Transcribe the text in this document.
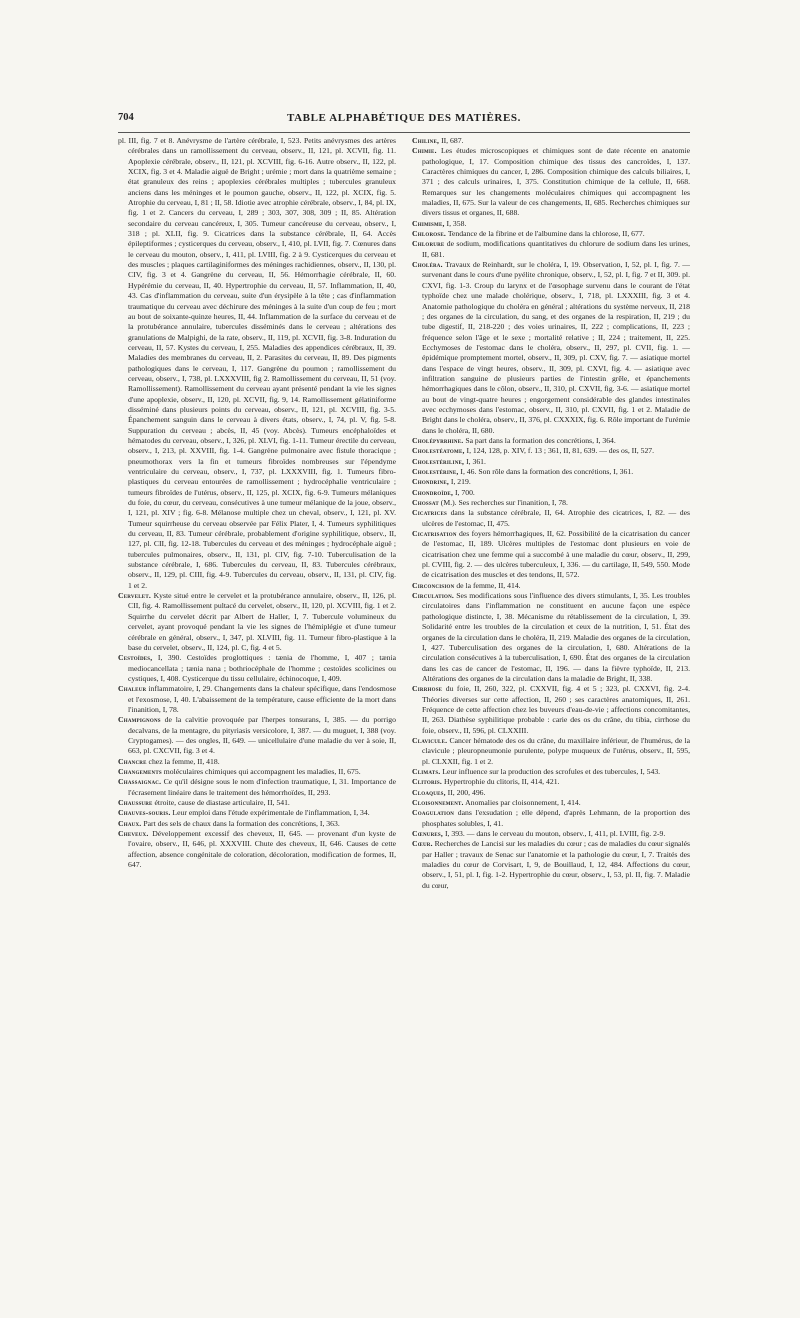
704	TABLE ALPHABÉTIQUE DES MATIÈRES.

pl. III, fig. 7 et 8. Anévrysme de l'artère cérébrale, I, 523. Petits anévrysmes des artères cérébrales dans un ramollissement du cerveau, observ., II, 121, pl. XCVII, fig. 11. Apoplexie cérébrale, observ., II, 121, pl. XCVIII, fig. 6-16. Autre observ., II, 122, pl. XCIX, fig. 3 et 4. Maladie aiguë de Bright ; urémie ; mort dans la quatrième semaine ; état granuleux des reins ; apoplexies cérébrales multiples ; tubercules granuleux anciens dans les méninges et le poumon gauche, observ., II, 122, pl. XCIX, fig. 5. Atrophie du cerveau, I, 81 ; II, 58. Idiotie avec atrophie cérébrale, observ., I, 84, pl. IX, fig. 1 et 2. Cancers du cerveau, I, 289 ; 303, 307, 308, 309 ; II, 85. Altération secondaire du cerveau cancéreux, I, 305. Tumeur cancéreuse du cerveau, observ., I, 318 ; pl. XLII, fig. 9. Cicatrices dans la substance cérébrale, II, 64. Accès épileptiformes ; cysticerques du cerveau, observ., I, 410, pl. LVII, fig. 7. Cœnures dans le cerveau du mouton, observ., I, 411, pl. LVIII, fig. 2 à 9. Cysticerques du cerveau et des muscles ; plaques cartilaginiformes des méninges rachidiennes, observ., II, 130, pl. CIV, fig. 3 et 4. Gangrène du cerveau, II, 56. Hémorrhagie cérébrale, II, 60. Hypérémie du cerveau, II, 40. Hypertrophie du cerveau, II, 57. Inflammation, II, 40, 43. Cas d'inflammation du cerveau, suite d'un érysipèle à la tête ; cas d'inflammation traumatique du cerveau avec déchirure des méninges à la suite d'un coup de feu ; mort au bout de soixante-quinze heures, II, 44. Inflammation de la surface du cerveau et de la protubérance annulaire, tubercules disséminés dans le cerveau ; altérations des granulations de Malpighi, de la rate, observ., II, 119, pl. XCVII, fig. 3-8. Induration du cerveau, II, 57. Kystes du cerveau, I, 255. Maladies des appendices cérébraux, II, 39. Maladies des membranes du cerveau, II, 2. Parasites du cerveau, II, 89. Des pigments pathologiques dans le cerveau, I, 117. Gangrène du poumon ; ramollissement du cerveau, observ., I, 738, pl. LXXXVIII, fig 2. Ramollissement du cerveau, II, 51 (voy. Ramollissement). Ramollissement du cerveau ayant présenté pendant la vie les signes d'une apoplexie, observ., II, 120, pl. XCVII, fig. 9, 14. Ramollissement gélatiniforme disséminé dans plusieurs points du cerveau, observ., II, 121, pl. XCVIII, fig. 3-5. Épanchement sanguin dans le cerveau à divers états, observ., I, 74, pl. V, fig. 5-8. Suppuration du cerveau ; abcès, II, 45 (voy. Abcès). Tumeurs encéphaloïdes et hématodes du cerveau, observ., I, 326, pl. XLVI, fig. 1-11. Tumeur érectile du cerveau, observ., I, 213, pl. XXVIII, fig. 1-4. Gangrène pulmonaire avec fistule thoracique ; pneumothorax vers la fin et tumeurs fibroïdes nombreuses sur l'épendyme ventriculaire du cerveau, observ., I, 737, pl. LXXXVIII, fig. 1. Tumeurs fibro-plastiques du cerveau entourées de ramollissement ; hydrocéphalie ventriculaire ; tumeurs fibroïdes de l'utérus, observ., II, 125, pl. XCIX, fig. 6-9. Tumeurs mélaniques du foie, du cœur, du cerveau, consécutives à une tumeur mélanique de la joue, observ., I, 121, pl. XIV ; fig. 6-8. Mélanose multiple chez un cheval, observ., I, 121, pl. XV. Tumeur squirrheuse du cerveau observée par Félix Plater, I, 4. Tumeurs syphilitiques du cerveau, II, 83. Tumeur cérébrale, probablement d'origine syphilitique, observ., II, 127, pl. CII, fig. 12-18. Tubercules du cerveau et des méninges ; hydrocéphale aiguë ; tubercules pulmonaires, observ., II, 131, pl. CIV, fig. 7-10. Tuberculisation de la substance cérébrale, I, 686. Tubercules du cerveau, II, 83. Tubercules cérébraux, observ., II, 129, pl. CIII, fig. 4-9. Tubercules du cerveau, observ., II, 131, pl. CIV, fig. 1 et 2.

Cervelet. Kyste situé entre le cervelet et la protubérance annulaire, observ., II, 126, pl. CII, fig. 4. Ramollissement pultacé du cervelet, observ., II, 120, pl. XCVIII, fig. 1 et 2. Squirrhe du cervelet décrit par Albert de Haller, I, 7. Tubercule volumineux du cervelet, ayant provoqué pendant la vie les signes de l'hémiplégie et d'une tumeur cérébrale en général, observ., I, 347, pl. XLVIII, fig. 11. Tumeur fibro-plastique à la base du cervelet, observ., II, 124, pl. C, fig. 4 et 5.

Cestoïdes, I, 390. Cestoïdes proglottiques : tænia de l'homme, I, 407 ; tænia mediocancellata ; tænia nana ; bothriocéphale de l'homme ; cestoïdes scolicines ou cystiques, I, 408. Cysticerque du tissu cellulaire, échinocoque, I, 409.

Chaleur inflammatoire, I, 29. Changements dans la chaleur spécifique, dans l'endosmose et l'exosmose, I, 40. L'abaissement de la température, cause efficiente de la mort dans l'inanition, I, 78.

Champignons de la calvitie provoquée par l'herpes tonsurans, I, 385. — du porrigo decalvans, de la mentagre, du pityriasis versicolore, I, 387. — du muguet, I, 388 (voy. Cryptogames). — des ongles, II, 649. — unicellulaire d'une maladie du ver à soie, II, 663, pl. CXCVII, fig. 3 et 4.

Chancre chez la femme, II, 418.

Changements moléculaires chimiques qui accompagnent les maladies, II, 675.

Chassaignac. Ce qu'il désigne sous le nom d'infection traumatique, I, 31. Importance de l'écrasement linéaire dans le traitement des hémorrhoïdes, II, 293.

Chaussure étroite, cause de diastase articulaire, II, 541.

Chauves-souris. Leur emploi dans l'étude expérimentale de l'inflammation, I, 34.

Chaux. Part des sels de chaux dans la formation des concrétions, I, 363.

Cheveux. Développement excessif des cheveux, II, 645. — provenant d'un kyste de l'ovaire, observ., II, 646, pl. XXXVIII. Chute des cheveux, II, 646. Causes de cette affection, absence congénitale de coloration, décoloration, modification de formes, II, 647.

Chiline, II, 687.

Chimie. Les études microscopiques et chimiques sont de date récente en anatomie pathologique, I, 17. Composition chimique des tissus des cancroïdes, I, 137. Caractères chimiques du cancer, I, 286. Composition chimique des calculs biliaires, I, 371 ; des calculs urinaires, I, 375. Constitution chimique de la cellule, II, 668. Remarques sur les changements moléculaires chimiques qui accompagnent les maladies, II, 675. Sur la valeur de ces changements, II, 685. Recherches chimiques sur divers tissus et organes, II, 688.

Chimisme, I, 358.

Chlorose. Tendance de la fibrine et de l'albumine dans la chlorose, II, 677.

Chlorure de sodium, modifications quantitatives du chlorure de sodium dans les urines, II, 681.

Choléra. Travaux de Reinhardt, sur le choléra, I, 19. Observation, I, 52, pl. I, fig. 7. — survenant dans le cours d'une pyélite chronique, observ., I, 52, pl. I, fig. 7 et II, 309. pl. CXVI, fig. 1-3. Croup du larynx et de l'œsophage survenu dans le courant de l'état typhoïde chez une malade cholérique, observ., I, 718, pl. LXXXIII, fig. 3 et 4. Anatomie pathologique du choléra en général ; altérations du système nerveux, II, 218 ; des organes de la circulation, du sang, et des organes de la respiration, II, 219 ; du tube digestif, II, 218-220 ; des voies urinaires, II, 222 ; complications, II, 223 ; fréquence selon l'âge et le sexe ; mortalité relative ; II, 224 ; traitement, II, 225. Ecchymoses de l'estomac dans le choléra, observ., II, 297, pl. CVII, fig. 1. — épidémique promptement mortel, observ., II, 309, pl. CXV, fig. 7. — asiatique mortel dans l'espace de vingt heures, observ., II, 309, pl. CXVI, fig. 4. — asiatique avec infiltration sanguine de plusieurs parties de l'intestin grêle, et épanchements hémorrhagiques dans le côlon, observ., II, 310, pl. CXVII, fig. 3-6. — asiatique mortel au bout de vingt-quatre heures ; engorgement considérable des glandes intestinales avec ecchymoses dans l'estomac, observ., II, 310, pl. CXVII, fig. 1 et 2. Maladie de Bright dans le choléra, observ., II, 376, pl. CXXXIX, fig. 6. Rôle important de l'urémie dans le choléra, II, 680.

Cholépyrrhine. Sa part dans la formation des concrétions, I, 364.

Cholestéatome, I, 124, 128, p. XIV, f. 13 ; 361, II, 81, 639. — des os, II, 527.

Cholestériline, I, 361.

Cholestérine, I, 46. Son rôle dans la formation des concrétions, I, 361.

Chondrine, I, 219.

Chondroïde, I, 700.

Chossat (M.). Ses recherches sur l'inanition, I, 78.

Cicatrices dans la substance cérébrale, II, 64. Atrophie des cicatrices, I, 82. — des ulcères de l'estomac, II, 475.

Cicatrisation des foyers hémorrhagiques, II, 62. Possibilité de la cicatrisation du cancer de l'estomac, II, 189. Ulcères multiples de l'estomac dont plusieurs en voie de cicatrisation chez une femme qui a succombé à une maladie du cœur, observ., II, 299, pl. CVIII, fig. 2. — des ulcères tuberculeux, I, 336. — du cartilage, II, 549, 550. Mode de cicatrisation des muscles et des tendons, II, 572.

Circoncision de la femme, II, 414.

Circulation. Ses modifications sous l'influence des divers stimulants, I, 35. Les troubles circulatoires dans l'inflammation ne constituent en aucune façon une espèce pathologique distincte, I, 38. Mécanisme du rétablissement de la circulation, I, 39. Solidarité entre les troubles de la circulation et ceux de la nutrition, I, 51. État des organes de la circulation dans le choléra, II, 219. Maladie des organes de la circulation, I, 427. Tuberculisation des organes de la circulation, I, 680. Altérations de la circulation consécutives à la tuberculisation, I, 690. État des organes de la circulation dans les cas de cancer de l'estomac, II, 196. — dans la fièvre typhoïde, II, 213. Altérations des organes de la circulation dans la maladie de Bright, II, 338.

Cirrhose du foie, II, 260, 322, pl. CXXVII, fig. 4 et 5 ; 323, pl. CXXVI, fig. 2-4. Théories diverses sur cette affection, II, 260 ; ses caractères anatomiques, II, 261. Fréquence de cette affection chez les buveurs d'eau-de-vie ; affections concomitantes, II, 263. Diathèse syphilitique probable : carie des os du crâne, du tibia, cirrhose du foie, observ., II, 596, pl. CLXXIII.

Clavicule. Cancer hématode des os du crâne, du maxillaire inférieur, de l'humérus, de la clavicule ; pleuropneumonie purulente, polype muqueux de l'utérus, observ., II, 595, pl. CLXXII, fig. 1 et 2.

Climats. Leur influence sur la production des scrofules et des tubercules, I, 543.

Clitoris. Hypertrophie du clitoris, II, 414, 421.

Cloaques, II, 200, 496.

Cloisonnement. Anomalies par cloisonnement, I, 414.

Coagulation dans l'exsudation ; elle dépend, d'après Lehmann, de la proportion des phosphates solubles, I, 41.

Cœnures, I, 393. — dans le cerveau du mouton, observ., I, 411, pl. LVIII, fig. 2-9.

Cœur. Recherches de Lancisi sur les maladies du cœur ; cas de maladies du cœur signalés par Haller ; travaux de Senac sur l'anatomie et la pathologie du cœur, I, 7. Traités des maladies du cœur de Corvisart, I, 9, de Bouillaud, I, 12, 484. Affections du cœur, observ., I, 51, pl. I, fig. 1-2. Hypertrophie du cœur, observ., I, 53, pl. II, fig. 7. Maladie du cœur,
